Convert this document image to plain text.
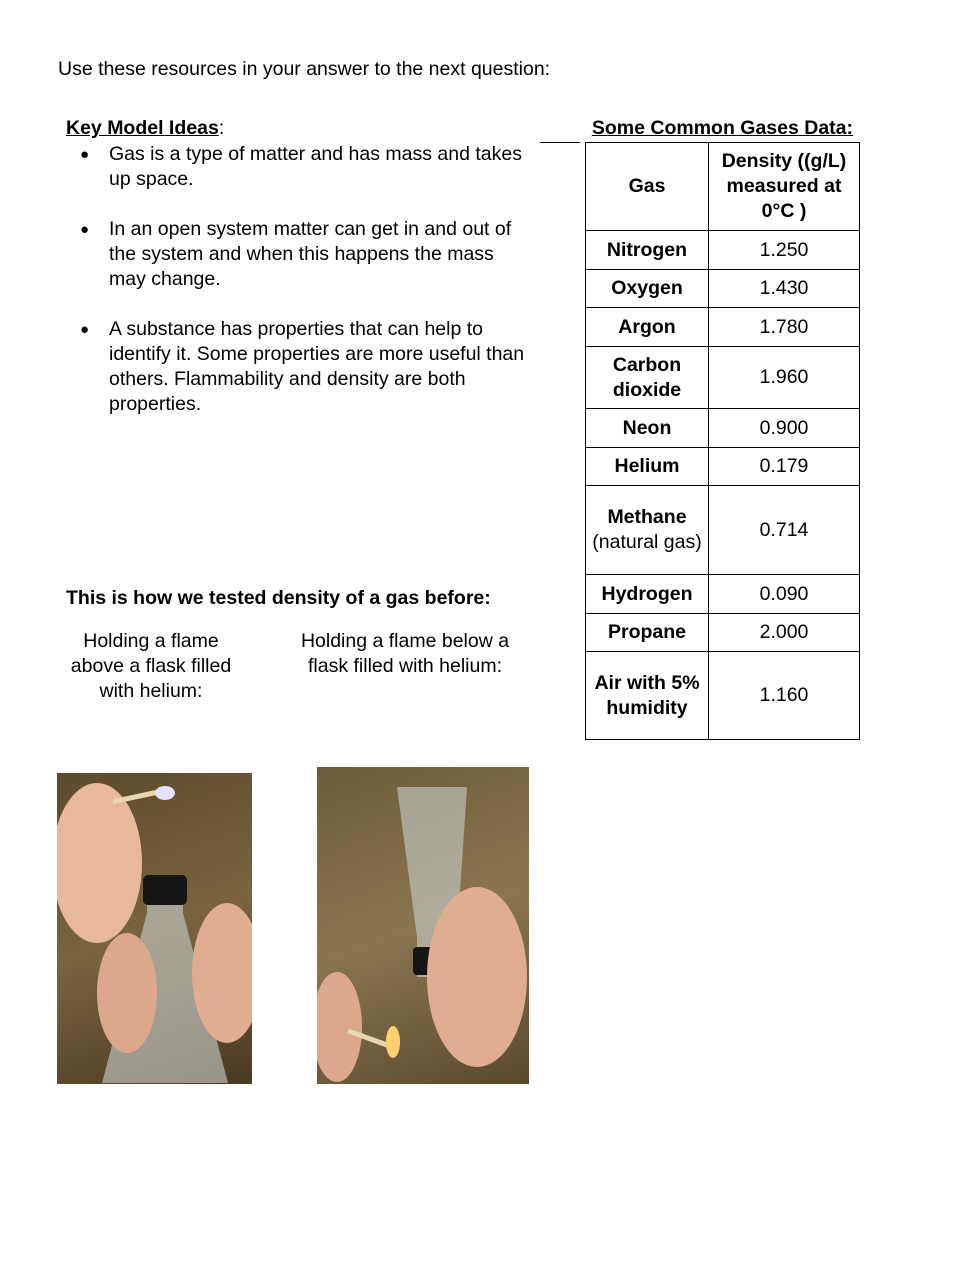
Use these resources in your answer to the next question:
Key Model Ideas:
● Gas is a type of matter and has mass and takes up space.
● In an open system matter can get in and out of the system and when this happens the mass may change.
● A substance has properties that can help to identify it. Some properties are more useful than others. Flammability and density are both properties.
Some Common Gases Data:
Gas	Density ((g/L) measured at 0°C )
Nitrogen	1.250
Oxygen	1.430
Argon	1.780
Carbon dioxide	1.960
Neon	0.900
Helium	0.179
Methane
(natural gas)	0.714
Hydrogen	0.090
Propane	2.000
Air with 5% humidity	1.160
This is how we tested density of a gas before:
Holding a flame above a flask filled with helium:
Holding a flame below a flask filled with helium:
